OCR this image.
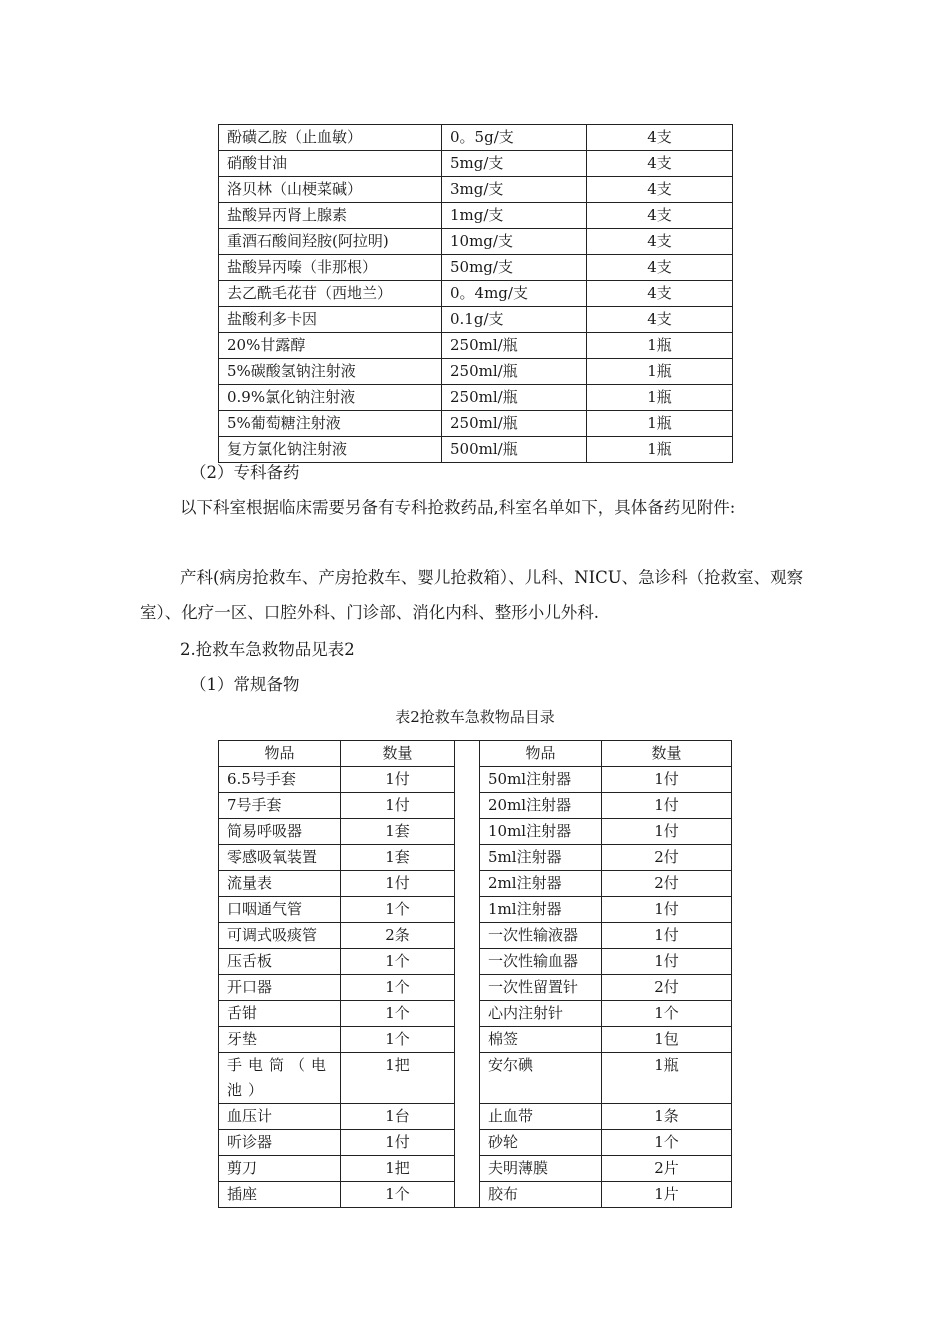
酚磺乙胺（止血敏）	0。5g/支	4支
硝酸甘油	5mg/支	4支
洛贝林（山梗菜碱）	3mg/支	4支
盐酸异丙肾上腺素	1mg/支	4支
重酒石酸间羟胺(阿拉明)	10mg/支	4支
盐酸异丙嗪（非那根）	50mg/支	4支
去乙酰毛花苷（西地兰）	0。4mg/支	4支
盐酸利多卡因	0.1g/支	4支
20%甘露醇	250ml/瓶	1瓶
5%碳酸氢钠注射液	250ml/瓶	1瓶
0.9%氯化钠注射液	250ml/瓶	1瓶
5%葡萄糖注射液	250ml/瓶	1瓶
复方氯化钠注射液	500ml/瓶	1瓶
（2）专科备药
以下科室根据临床需要另备有专科抢救药品,科室名单如下，具体备药见附件:
产科(病房抢救车、产房抢救车、婴儿抢救箱）、儿科、NICU、急诊科（抢救室、观察室）、化疗一区、口腔外科、门诊部、消化内科、整形小儿外科.
2.抢救车急救物品见表2
（1）常规备物
表2抢救车急救物品目录
物品	数量		物品	数量
6.5号手套	1付		50ml注射器	1付
7号手套	1付		20ml注射器	1付
简易呼吸器	1套		10ml注射器	1付
零感吸氧装置	1套		5ml注射器	2付
流量表	1付		2ml注射器	2付
口咽通气管	1个		1ml注射器	1付
可调式吸痰管	2条		一次性输液器	1付
压舌板	1个		一次性输血器	1付
开口器	1个		一次性留置针	2付
舌钳	1个		心内注射针	1个
牙垫	1个		棉签	1包
手电筒（电池）	1把		安尔碘	1瓶
血压计	1台		止血带	1条
听诊器	1付		砂轮	1个
剪刀	1把		夫明薄膜	2片
插座	1个		胶布	1片
